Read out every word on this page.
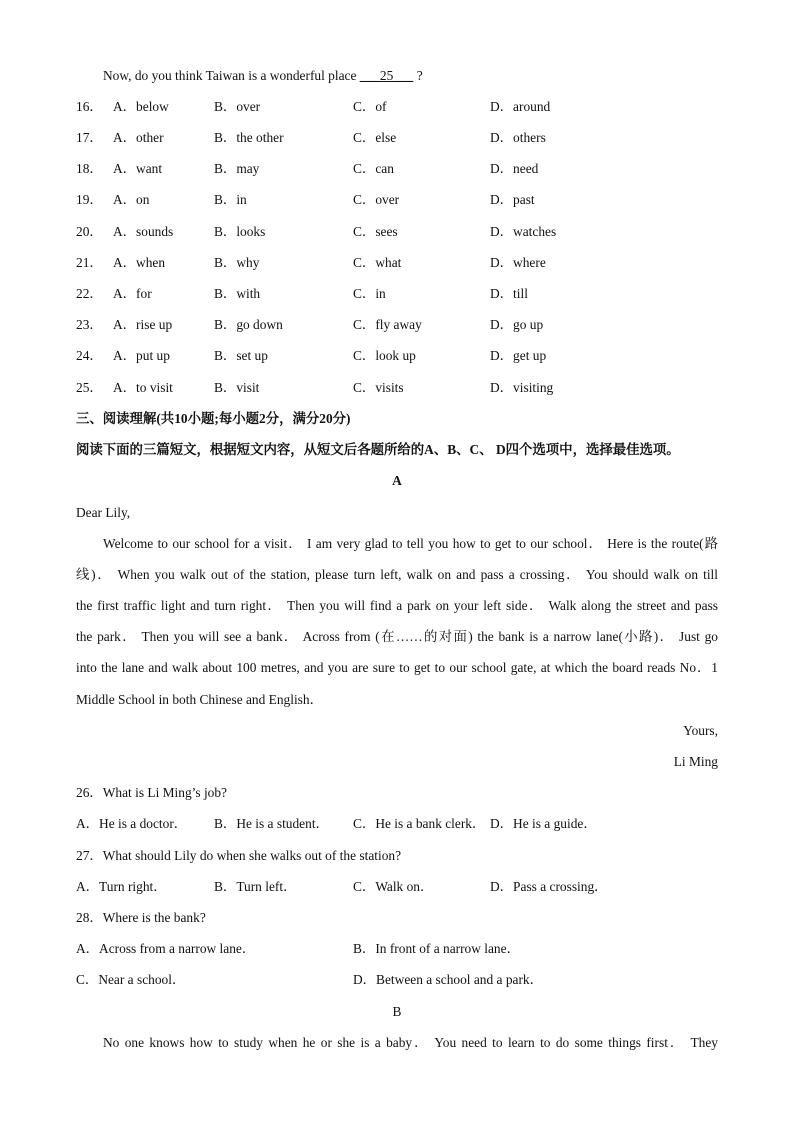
Now, do you think Taiwan is a wonderful place ___25___ ?
16． A．below	B．over	C．of	D．around
17． A．other	B．the other	C．else	D．others
18． A．want	B．may	C．can	D．need
19． A．on	B．in	C．over	D．past
20． A．sounds	B．looks	C．sees	D．watches
21． A．when	B．why	C．what	D．where
22． A．for	B．with	C．in	D．till
23． A．rise up	B．go down	C．fly away	D．go up
24． A．put up	B．set up	C．look up	D．get up
25． A．to visit	B．visit	C．visits	D．visiting
三、阅读理解(共10小题;每小题2分，满分20分)
阅读下面的三篇短文，根据短文内容，从短文后各题所给的A、B、C、 D四个选项中，选择最佳选项。
A
Dear Lily,
Welcome to our school for a visit． I am very glad to tell you how to get to our school． Here is the route(路
线)． When you walk out of the station, please turn left, walk on and pass a crossing． You should walk on till
the first traffic light and turn right． Then you will find a park on your left side． Walk along the street and pass
the park． Then you will see a bank． Across from (在……的对面) the bank is a narrow lane(小路)． Just go
into the lane and walk about 100 metres, and you are sure to get to our school gate, at which the board reads No．1
Middle School in both Chinese and English．
Yours,
Li Ming
26．What is Li Ming’s job?
A．He is a doctor． B．He is a student． C．He is a bank clerk． D．He is a guide．
27．What should Lily do when she walks out of the station?
A．Turn right．	B．Turn left．	C．Walk on．	D．Pass a crossing．
28．Where is the bank?
A．Across from a narrow lane．	B．In front of a narrow lane．
C．Near a school．	D．Between a school and a park．
B
No one knows how to study when he or she is a baby． You need to learn to do some things first． They
